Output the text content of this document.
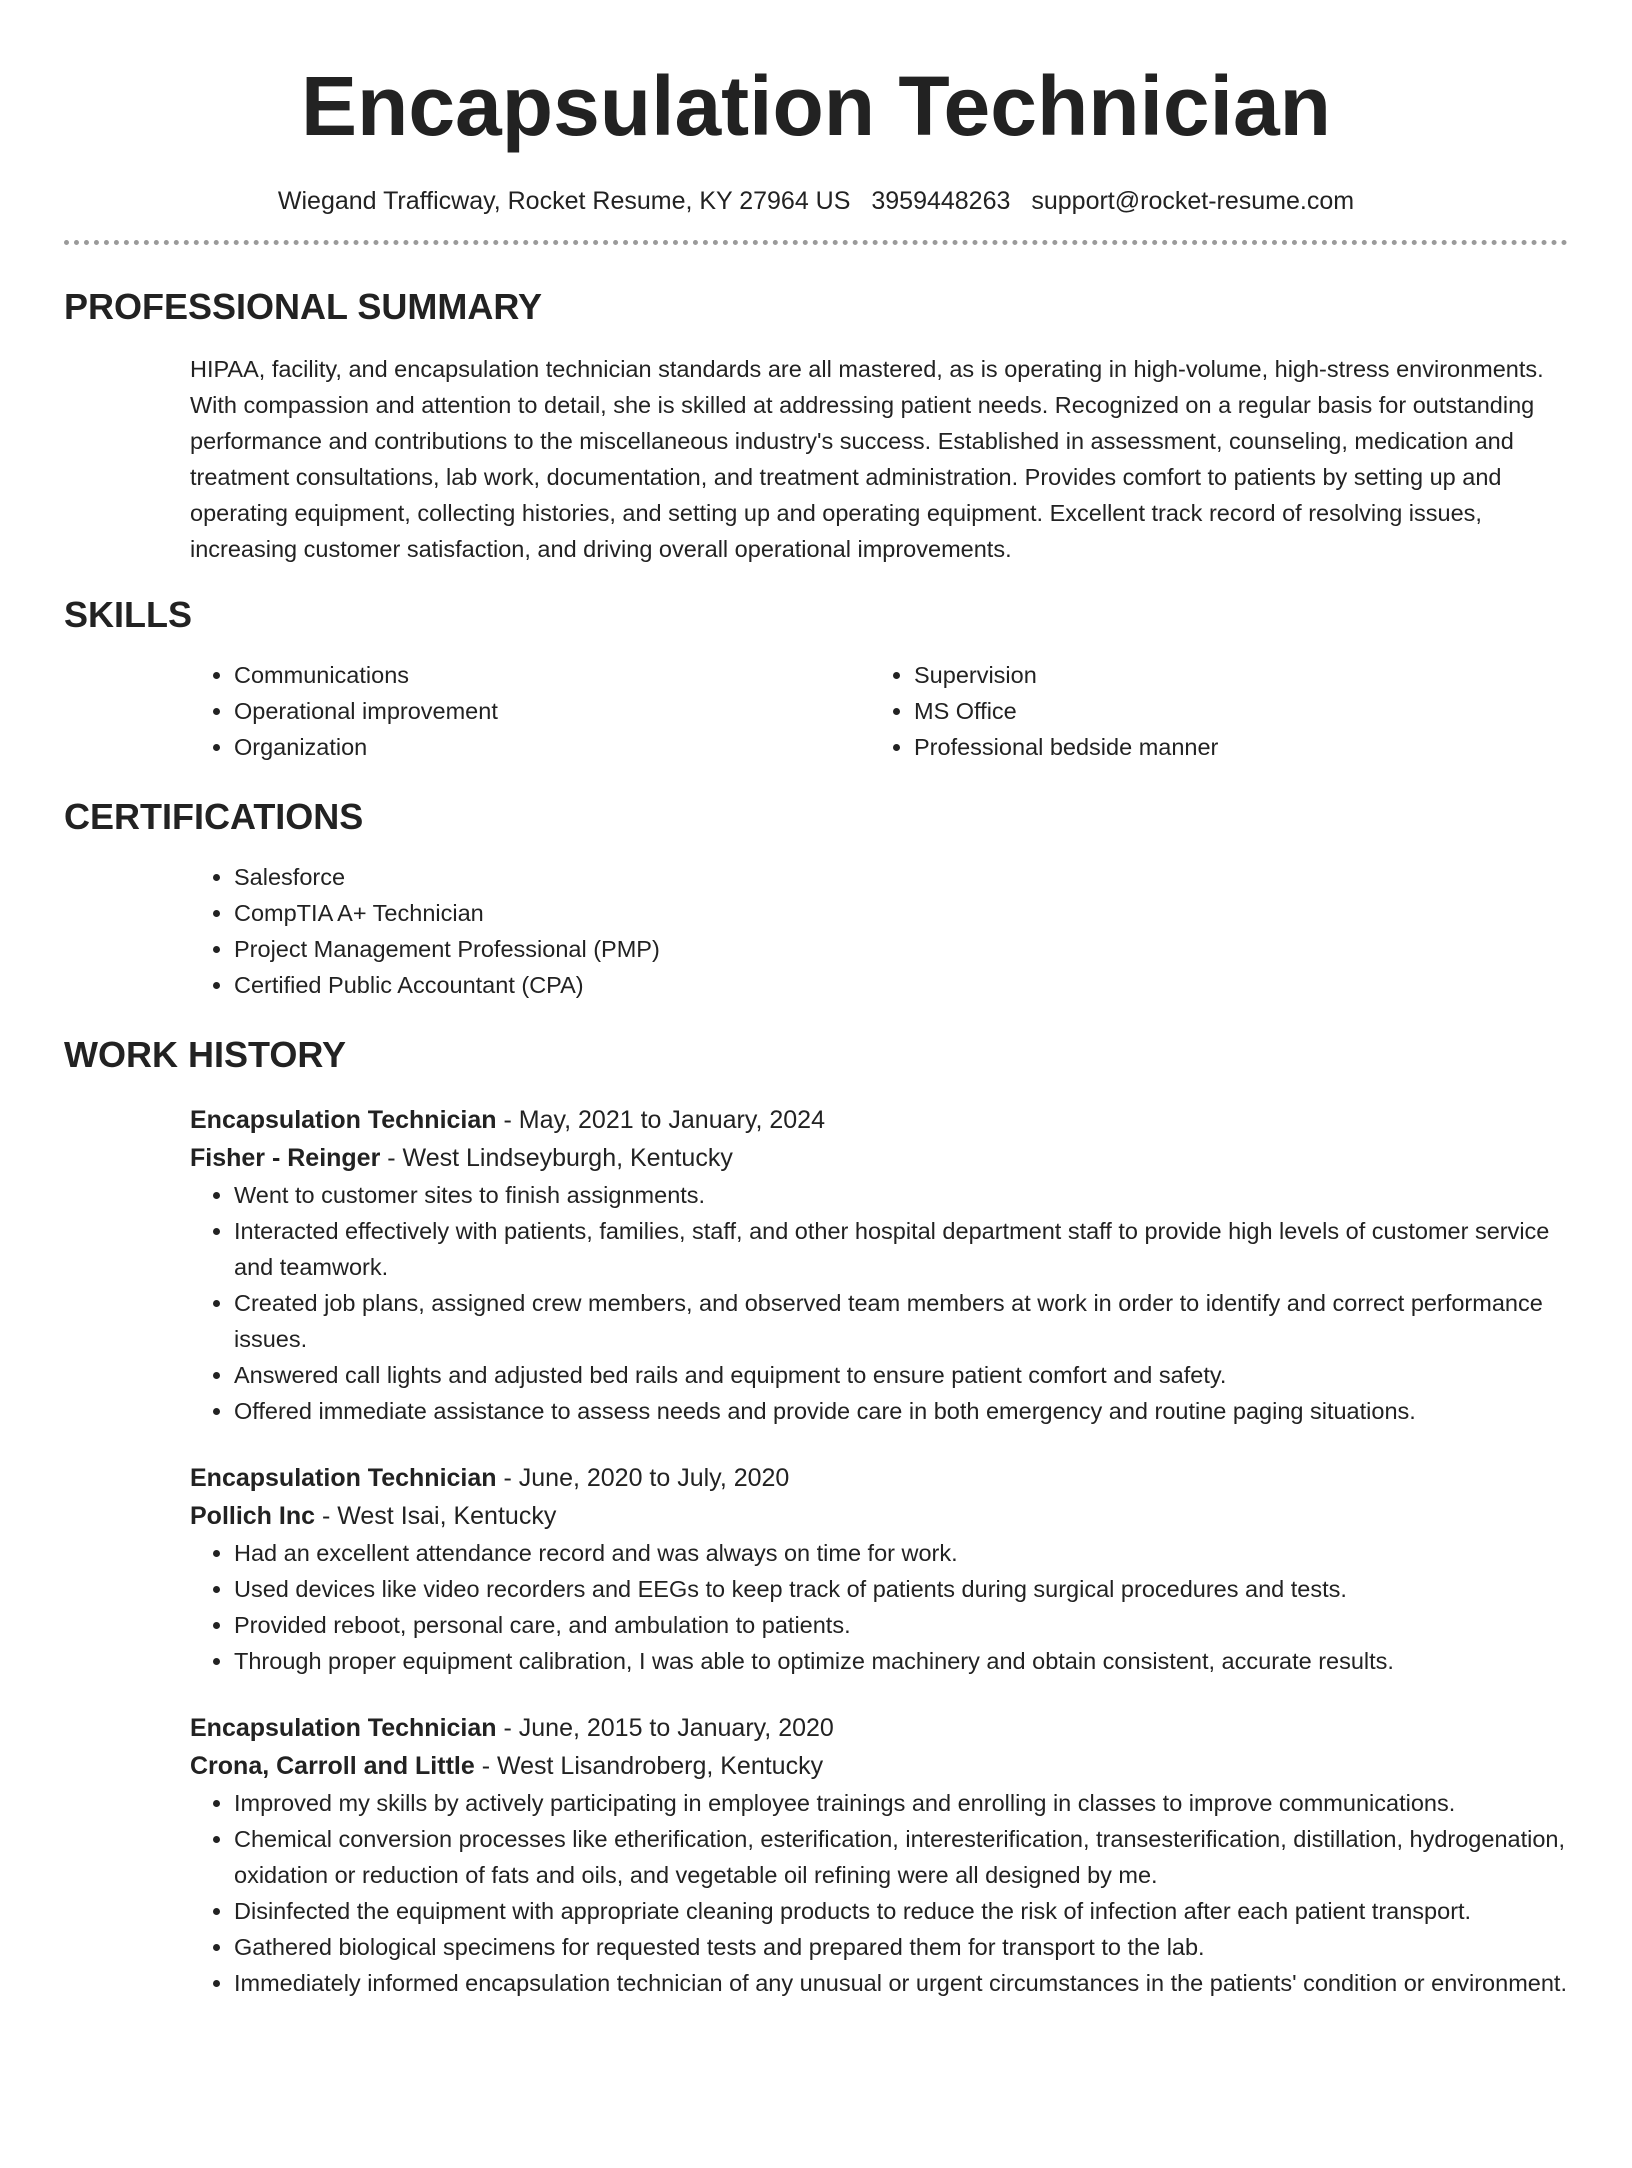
Encapsulation Technician
Wiegand Trafficway, Rocket Resume, KY 27964 US 3959448263 support@rocket-resume.com
PROFESSIONAL SUMMARY

HIPAA, facility, and encapsulation technician standards are all mastered, as is operating in high-volume, high-stress environments. With compassion and attention to detail, she is skilled at addressing patient needs. Recognized on a regular basis for outstanding performance and contributions to the miscellaneous industry's success. Established in assessment, counseling, medication and treatment consultations, lab work, documentation, and treatment administration. Provides comfort to patients by setting up and operating equipment, collecting histories, and setting up and operating equipment. Excellent track record of resolving issues, increasing customer satisfaction, and driving overall operational improvements.

SKILLS
• Communications
• Operational improvement
• Organization
• Supervision
• MS Office
• Professional bedside manner
CERTIFICATIONS
• Salesforce
• CompTIA A+ Technician
• Project Management Professional (PMP)
• Certified Public Accountant (CPA)
WORK HISTORY
Encapsulation Technician - May, 2021 to January, 2024
Fisher - Reinger - West Lindseyburgh, Kentucky
• Went to customer sites to finish assignments.
• Interacted effectively with patients, families, staff, and other hospital department staff to provide high levels of customer service and teamwork.
• Created job plans, assigned crew members, and observed team members at work in order to identify and correct performance issues.
• Answered call lights and adjusted bed rails and equipment to ensure patient comfort and safety.
• Offered immediate assistance to assess needs and provide care in both emergency and routine paging situations.
Encapsulation Technician - June, 2020 to July, 2020
Pollich Inc - West Isai, Kentucky
• Had an excellent attendance record and was always on time for work.
• Used devices like video recorders and EEGs to keep track of patients during surgical procedures and tests.
• Provided reboot, personal care, and ambulation to patients.
• Through proper equipment calibration, I was able to optimize machinery and obtain consistent, accurate results.
Encapsulation Technician - June, 2015 to January, 2020
Crona, Carroll and Little - West Lisandroberg, Kentucky
• Improved my skills by actively participating in employee trainings and enrolling in classes to improve communications.
• Chemical conversion processes like etherification, esterification, interesterification, transesterification, distillation, hydrogenation, oxidation or reduction of fats and oils, and vegetable oil refining were all designed by me.
• Disinfected the equipment with appropriate cleaning products to reduce the risk of infection after each patient transport.
• Gathered biological specimens for requested tests and prepared them for transport to the lab.
• Immediately informed encapsulation technician of any unusual or urgent circumstances in the patients' condition or environment.
